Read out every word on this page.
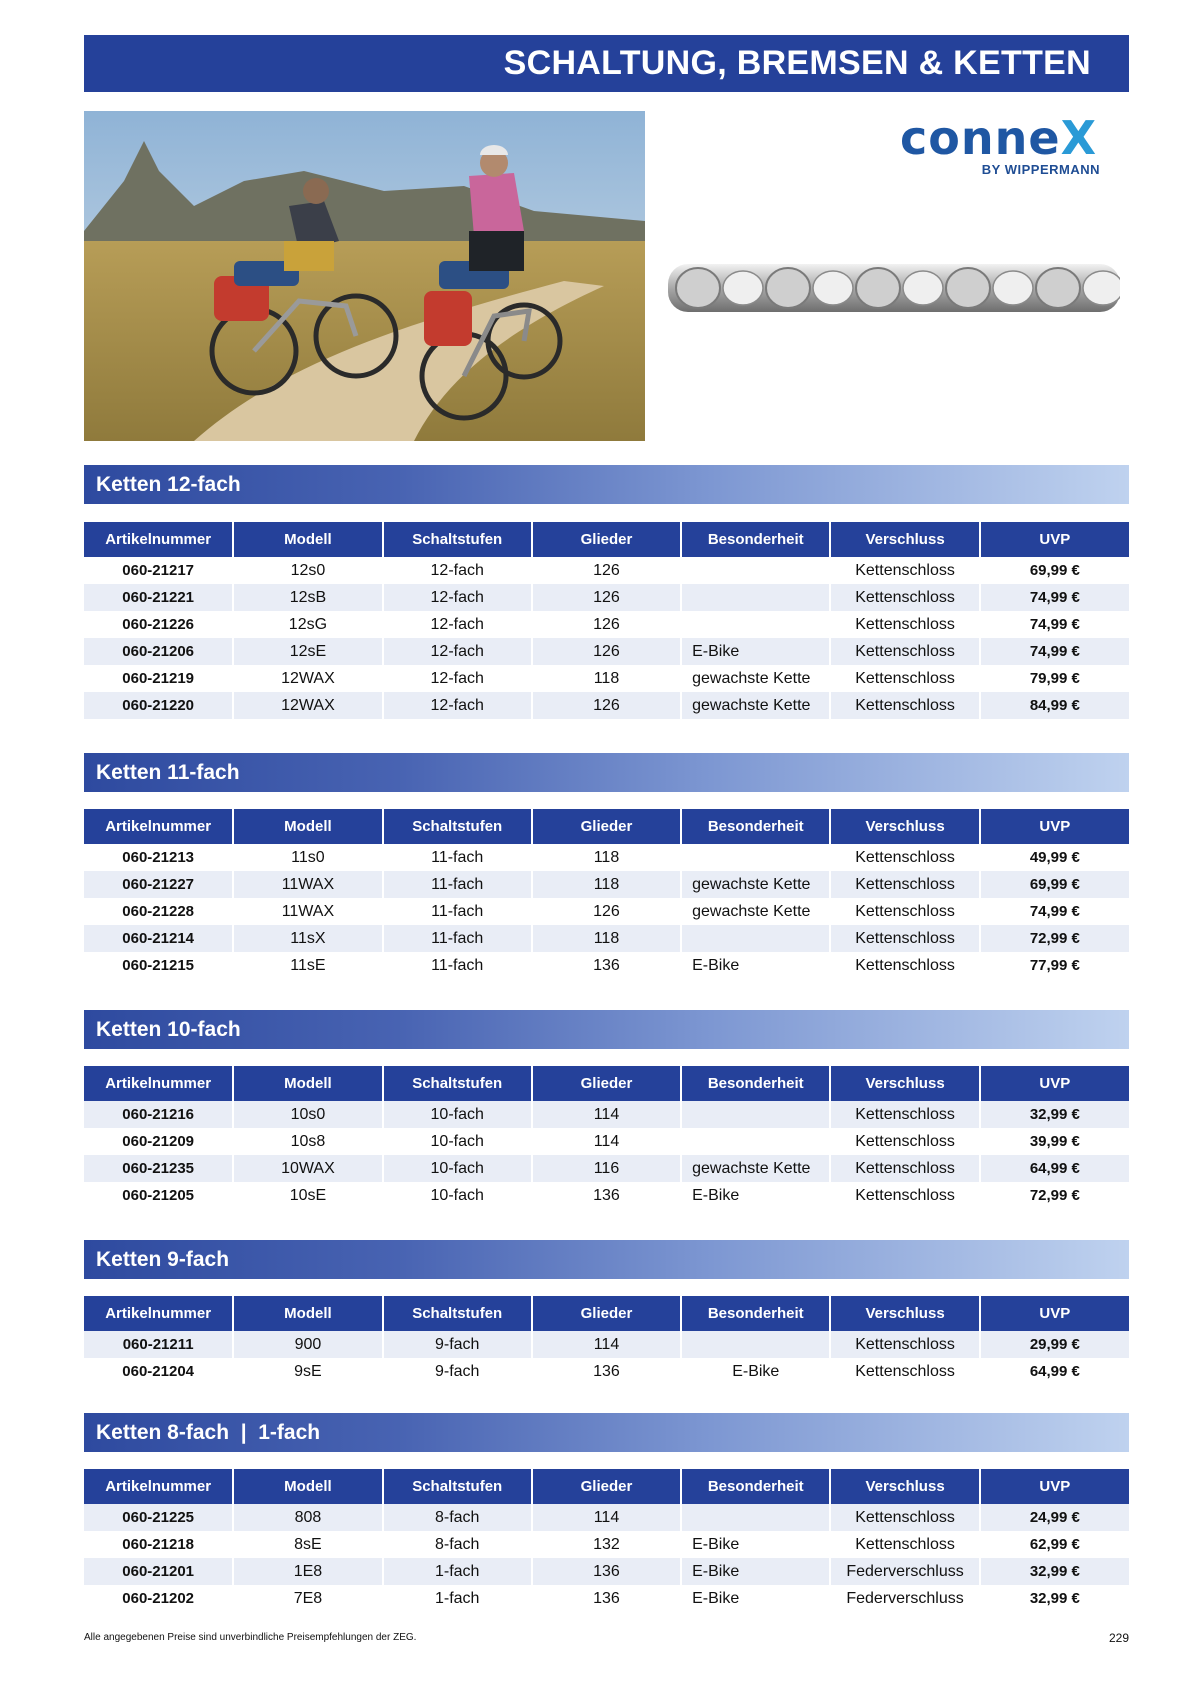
SCHALTUNG, BREMSEN & KETTEN
conneX
BY WIPPERMANN
Ketten 12-fach
Artikelnummer	Modell	Schaltstufen	Glieder	Besonderheit	Verschluss	UVP
060-21217	12s0	12-fach	126		Kettenschloss	69,99 €
060-21221	12sB	12-fach	126		Kettenschloss	74,99 €
060-21226	12sG	12-fach	126		Kettenschloss	74,99 €
060-21206	12sE	12-fach	126	E-Bike	Kettenschloss	74,99 €
060-21219	12WAX	12-fach	118	gewachste Kette	Kettenschloss	79,99 €
060-21220	12WAX	12-fach	126	gewachste Kette	Kettenschloss	84,99 €
Ketten 11-fach
Artikelnummer	Modell	Schaltstufen	Glieder	Besonderheit	Verschluss	UVP
060-21213	11s0	11-fach	118		Kettenschloss	49,99 €
060-21227	11WAX	11-fach	118	gewachste Kette	Kettenschloss	69,99 €
060-21228	11WAX	11-fach	126	gewachste Kette	Kettenschloss	74,99 €
060-21214	11sX	11-fach	118		Kettenschloss	72,99 €
060-21215	11sE	11-fach	136	E-Bike	Kettenschloss	77,99 €
Ketten 10-fach
Artikelnummer	Modell	Schaltstufen	Glieder	Besonderheit	Verschluss	UVP
060-21216	10s0	10-fach	114		Kettenschloss	32,99 €
060-21209	10s8	10-fach	114		Kettenschloss	39,99 €
060-21235	10WAX	10-fach	116	gewachste Kette	Kettenschloss	64,99 €
060-21205	10sE	10-fach	136	E-Bike	Kettenschloss	72,99 €
Ketten 9-fach
Artikelnummer	Modell	Schaltstufen	Glieder	Besonderheit	Verschluss	UVP
060-21211	900	9-fach	114		Kettenschloss	29,99 €
060-21204	9sE	9-fach	136	E-Bike	Kettenschloss	64,99 €
Ketten 8-fach  |  1-fach
Artikelnummer	Modell	Schaltstufen	Glieder	Besonderheit	Verschluss	UVP
060-21225	808	8-fach	114		Kettenschloss	24,99 €
060-21218	8sE	8-fach	132	E-Bike	Kettenschloss	62,99 €
060-21201	1E8	1-fach	136	E-Bike	Federverschluss	32,99 €
060-21202	7E8	1-fach	136	E-Bike	Federverschluss	32,99 €
Alle angegebenen Preise sind unverbindliche Preisempfehlungen der ZEG.	229
